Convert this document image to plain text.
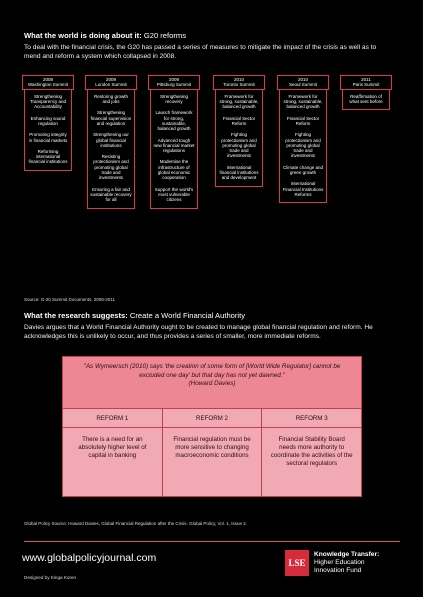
What the world is doing about it: G20 reforms
To deal with the financial crisis, the G20 has passed a series of measures to mitigate the impact of the crisis as well as to mend and reform a system which collapsed in 2008.
2008
Washington Summit
Strengthening Transparency and Accountability
Enhancing sound regulation
Promoting integrity in financial markets
Reforming international financial institutions
2009
London Summit
Restoring growth and jobs
Strengthening financial supervision and regulation
Strengthening our global financial institutions
Resisting protectionism and promoting global trade and investments
Ensuring a fair and sustainable recovery for all
2009
Pittsburg Summit
Strengthening recovery
Launch framework for strong, sustainable, balanced growth
Advanced tough new financial market regulations
Modernise the infrastructure of global economic cooperation
Support the world's most vulnerable citizens
2010
Toronto Summit
Framework for strong, sustainable, balanced growth
Financial Sector Reform
Fighting protectionism and promoting global trade and investments
International financial institutions and development
2010
Seoul Summit
Framework for strong, sustainable, balanced growth
Financial Sector Reform
Fighting protectionism and promoting global trade and investments
Climate change and green growth
International Financial Institutions Reforms
2011
Paris Summit
Reaffirmation of what sent before
Source: G-20 Summit Documents, 2008-2011
What the research suggests: Create a World Financial Authority
Davies argues that a World Financial Authority ought to be created to manage global financial regulation and reform. He acknowledges this is unlikely to occur, and thus provides a series of smaller, more immediate reforms.
"As Wymeersch (2010) says 'the creation of some form of [World Wide Regulator] cannot be excluded one day' but that day has not yet dawned."
(Howard Davies)
REFORM 1
There is a need for an absolutely higher level of capital in banking
REFORM 2
Financial regulation must be more sensitive to changing macroeconomic conditions
REFORM 3
Financial Stability Board needs more authority to coordinate the activities of the sectoral regulators
Global Policy Source: Howard Davies, Global Financial Regulation after the Crisis. Global Policy, Vol. 1, Issue 2.
www.globalpolicyjournal.com
Designed by Kinga Koren
LSE
Knowledge Transfer:
Higher Education
Innovation Fund
